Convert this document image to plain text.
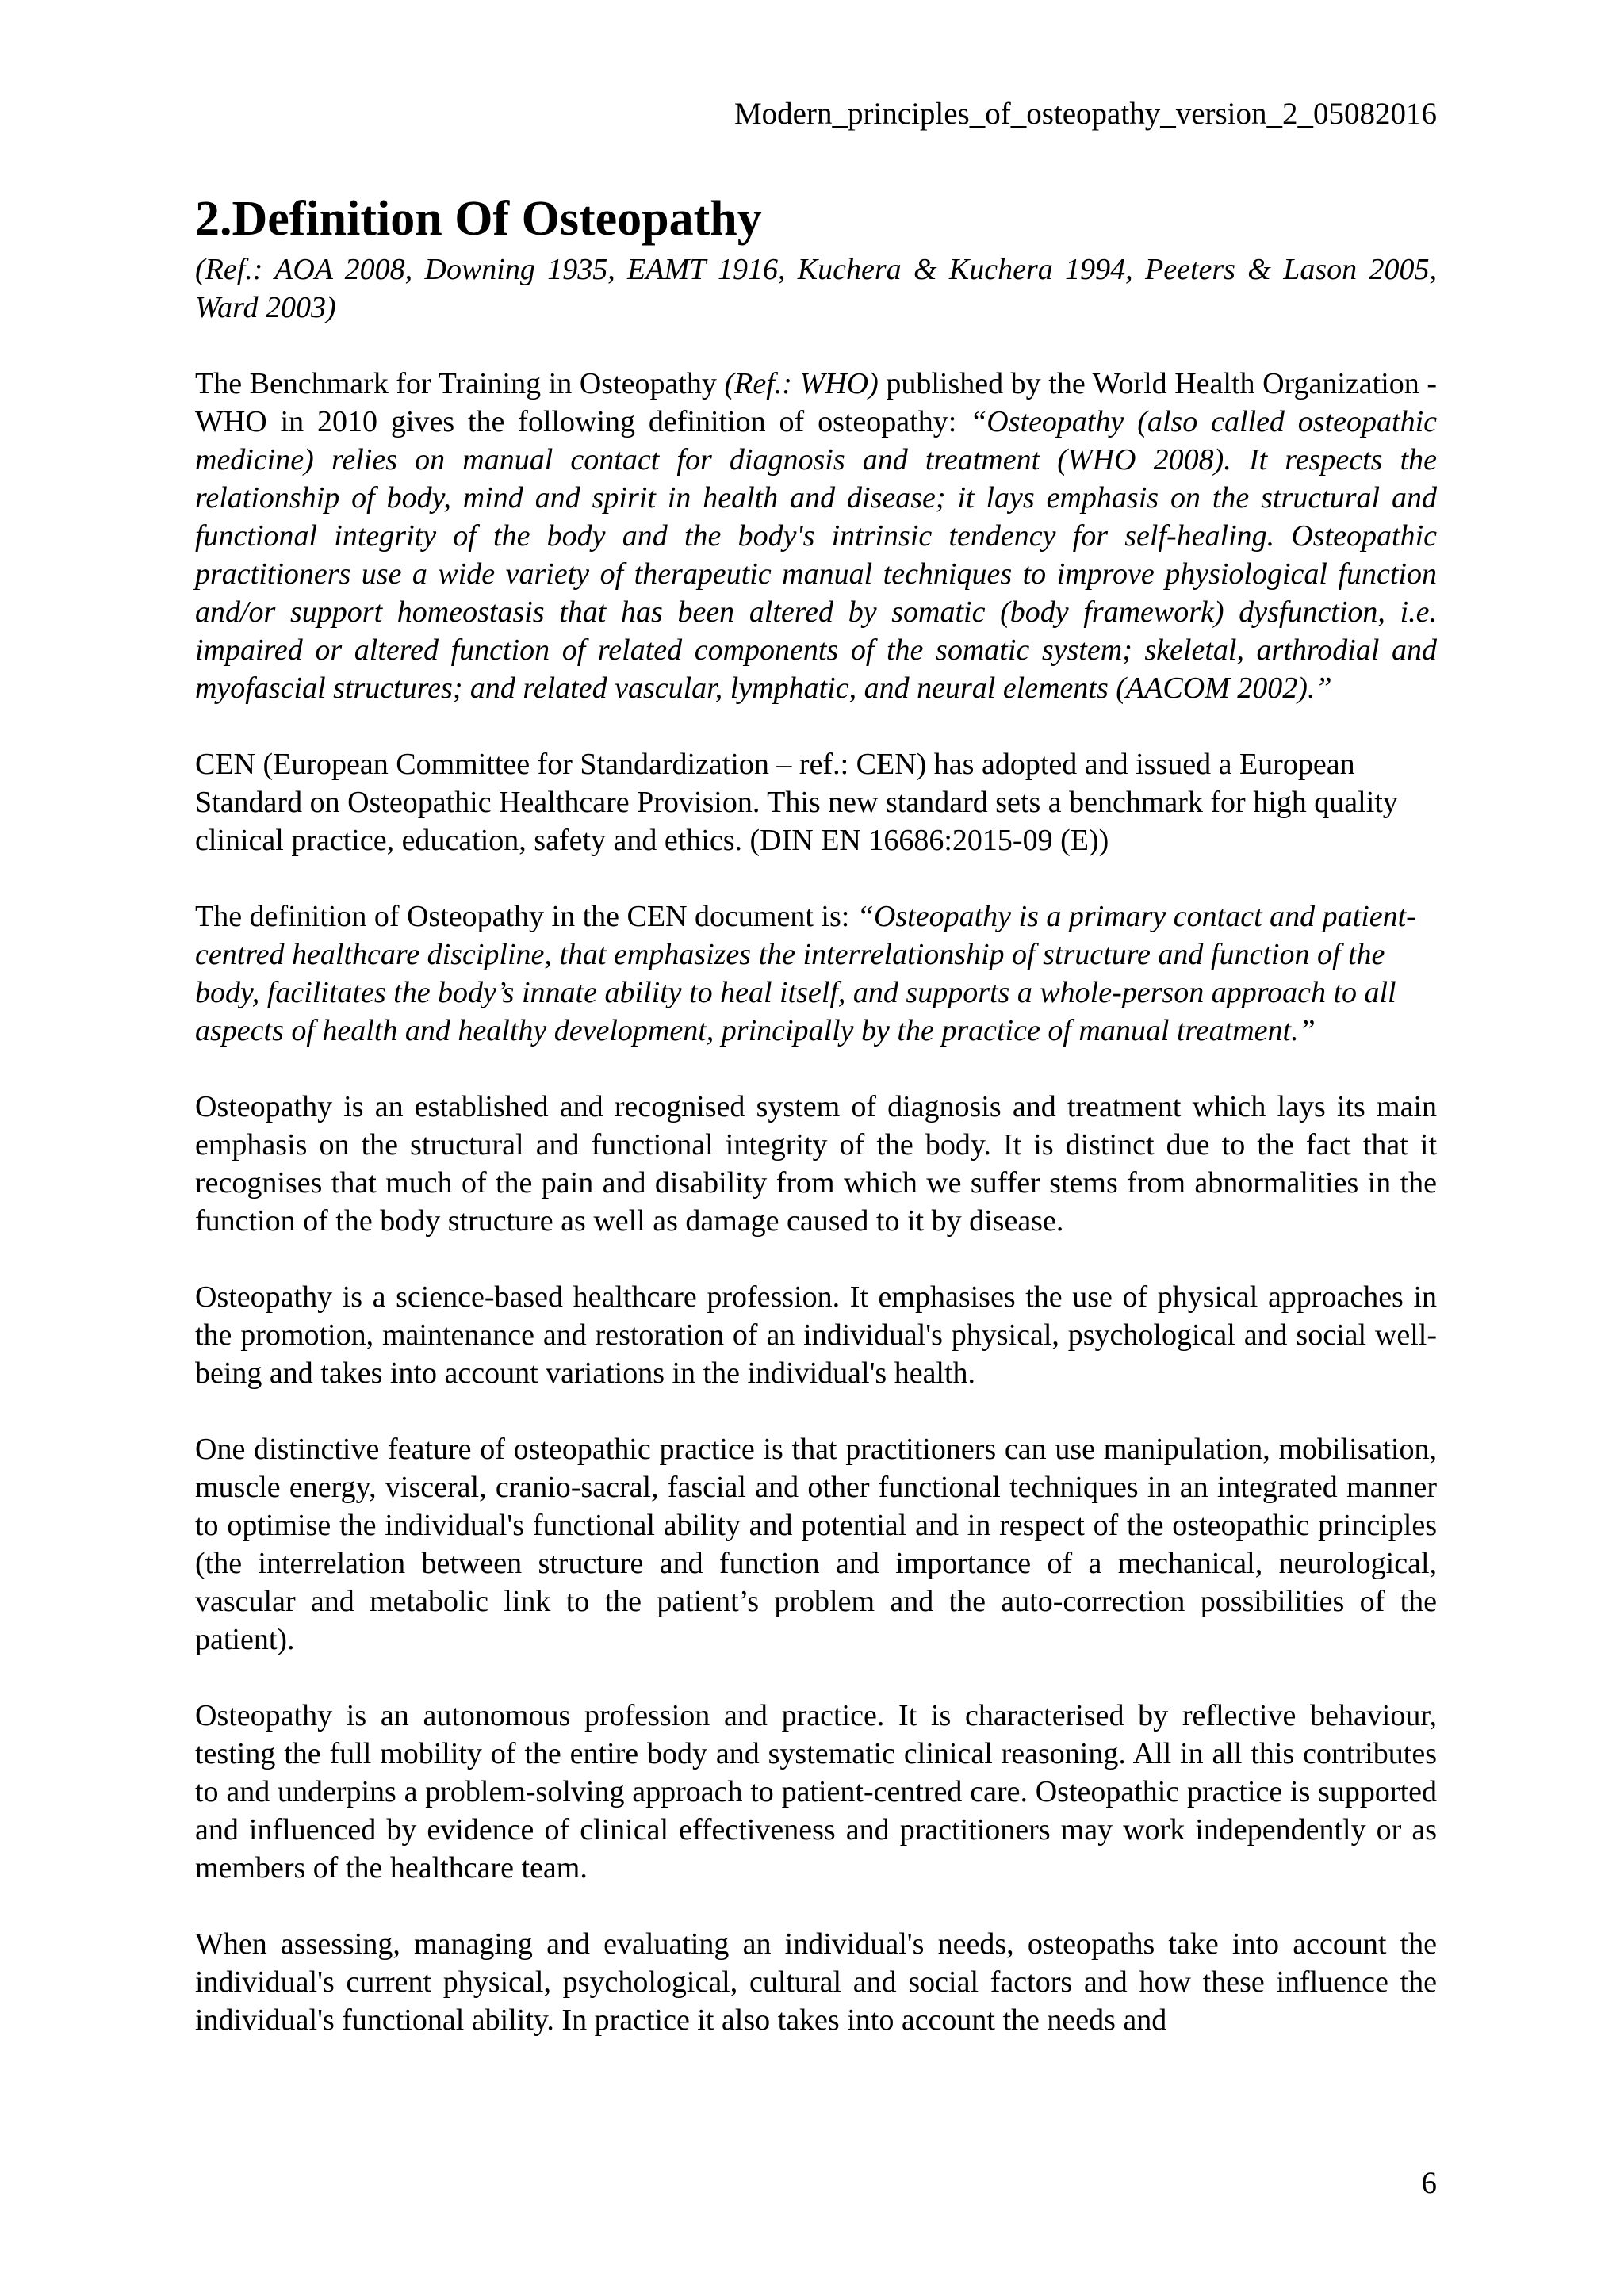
Modern_principles_of_osteopathy_version_2_05082016
2.Definition Of Osteopathy
(Ref.: AOA 2008, Downing 1935, EAMT 1916, Kuchera & Kuchera 1994, Peeters & Lason 2005, Ward 2003)

The Benchmark for Training in Osteopathy (Ref.: WHO) published by the World Health Organization - WHO in 2010 gives the following definition of osteopathy: “Osteopathy (also called osteopathic medicine) relies on manual contact for diagnosis and treatment (WHO 2008). It respects the relationship of body, mind and spirit in health and disease; it lays emphasis on the structural and functional integrity of the body and the body's intrinsic tendency for self-healing. Osteopathic practitioners use a wide variety of therapeutic manual techniques to improve physiological function and/or support homeostasis that has been altered by somatic (body framework) dysfunction, i.e. impaired or altered function of related components of the somatic system; skeletal, arthrodial and myofascial structures; and related vascular, lymphatic, and neural elements (AACOM 2002).”

CEN (European Committee for Standardization – ref.: CEN) has adopted and issued a European Standard on Osteopathic Healthcare Provision. This new standard sets a benchmark for high quality clinical practice, education, safety and ethics. (DIN EN 16686:2015-09 (E))

The definition of Osteopathy in the CEN document is: “Osteopathy is a primary contact and patient-centred healthcare discipline, that emphasizes the interrelationship of structure and function of the body, facilitates the body’s innate ability to heal itself, and supports a whole-person approach to all aspects of health and healthy development, principally by the practice of manual treatment.”

Osteopathy is an established and recognised system of diagnosis and treatment which lays its main emphasis on the structural and functional integrity of the body. It is distinct due to the fact that it recognises that much of the pain and disability from which we suffer stems from abnormalities in the function of the body structure as well as damage caused to it by disease.

Osteopathy is a science-based healthcare profession. It emphasises the use of physical approaches in the promotion, maintenance and restoration of an individual's physical, psychological and social well-being and takes into account variations in the individual's health.

One distinctive feature of osteopathic practice is that practitioners can use manipulation, mobilisation, muscle energy, visceral, cranio-sacral, fascial and other functional techniques in an integrated manner to optimise the individual's functional ability and potential and in respect of the osteopathic principles (the interrelation between structure and function and importance of a mechanical, neurological, vascular and metabolic link to the patient’s problem and the auto-correction possibilities of the patient).

Osteopathy is an autonomous profession and practice. It is characterised by reflective behaviour, testing the full mobility of the entire body and systematic clinical reasoning. All in all this contributes to and underpins a problem-solving approach to patient-centred care. Osteopathic practice is supported and influenced by evidence of clinical effectiveness and practitioners may work independently or as members of the healthcare team.

When assessing, managing and evaluating an individual's needs, osteopaths take into account the individual's current physical, psychological, cultural and social factors and how these influence the individual's functional ability. In practice it also takes into account the needs and

6
